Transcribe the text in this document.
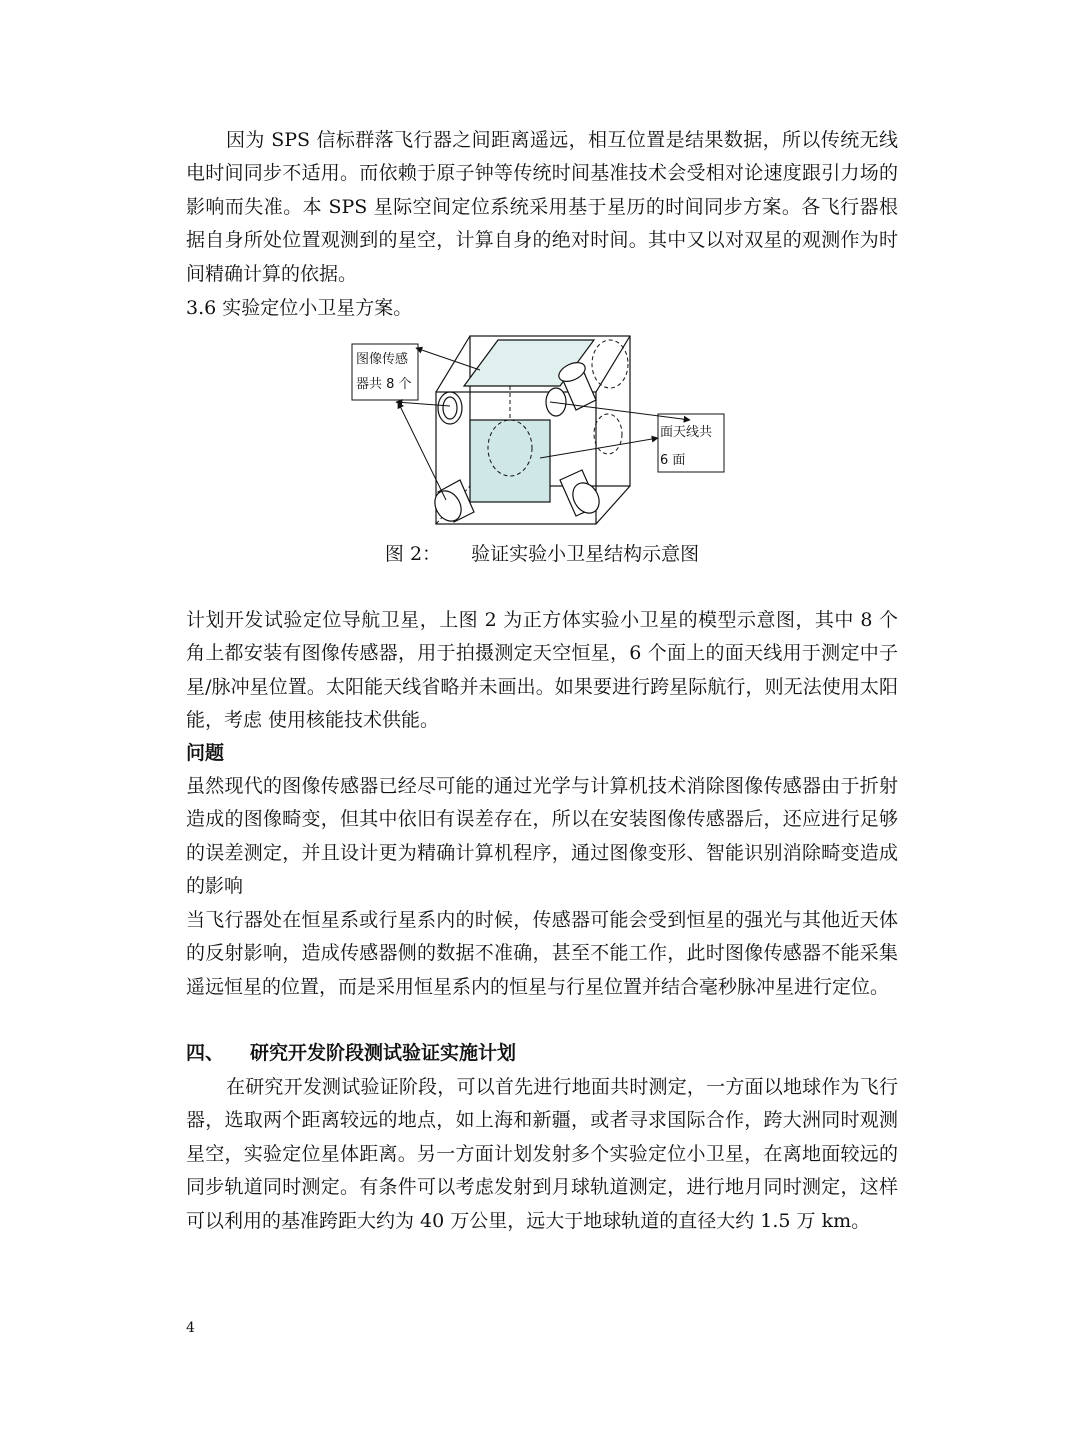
因为 SPS 信标群落飞行器之间距离遥远，相互位置是结果数据，所以传统无线电时间同步不适用。而依赖于原子钟等传统时间基准技术会受相对论速度跟引力场的影响而失准。本 SPS 星际空间定位系统采用基于星历的时间同步方案。各飞行器根据自身所处位置观测到的星空，计算自身的绝对时间。其中又以对双星的观测作为时间精确计算的依据。

3.6 实验定位小卫星方案。

图像传感
器共 8 个
面天线共
6 面
图 2： 验证实验小卫星结构示意图

计划开发试验定位导航卫星，上图 2 为正方体实验小卫星的模型示意图，其中 8 个角上都安装有图像传感器，用于拍摄测定天空恒星，6 个面上的面天线用于测定中子星/脉冲星位置。太阳能天线省略并未画出。如果要进行跨星际航行，则无法使用太阳能，考虑 使用核能技术供能。

问题

虽然现代的图像传感器已经尽可能的通过光学与计算机技术消除图像传感器由于折射造成的图像畸变，但其中依旧有误差存在，所以在安装图像传感器后，还应进行足够的误差测定，并且设计更为精确计算机程序，通过图像变形、智能识别消除畸变造成的影响

当飞行器处在恒星系或行星系内的时候，传感器可能会受到恒星的强光与其他近天体的反射影响，造成传感器侧的数据不准确，甚至不能工作，此时图像传感器不能采集遥远恒星的位置，而是采用恒星系内的恒星与行星位置并结合毫秒脉冲星进行定位。

四、 研究开发阶段测试验证实施计划

在研究开发测试验证阶段，可以首先进行地面共时测定，一方面以地球作为飞行器，选取两个距离较远的地点，如上海和新疆，或者寻求国际合作，跨大洲同时观测星空，实验定位星体距离。另一方面计划发射多个实验定位小卫星，在离地面较远的同步轨道同时测定。有条件可以考虑发射到月球轨道测定，进行地月同时测定，这样可以利用的基准跨距大约为 40 万公里，远大于地球轨道的直径大约 1.5 万 km。

4
